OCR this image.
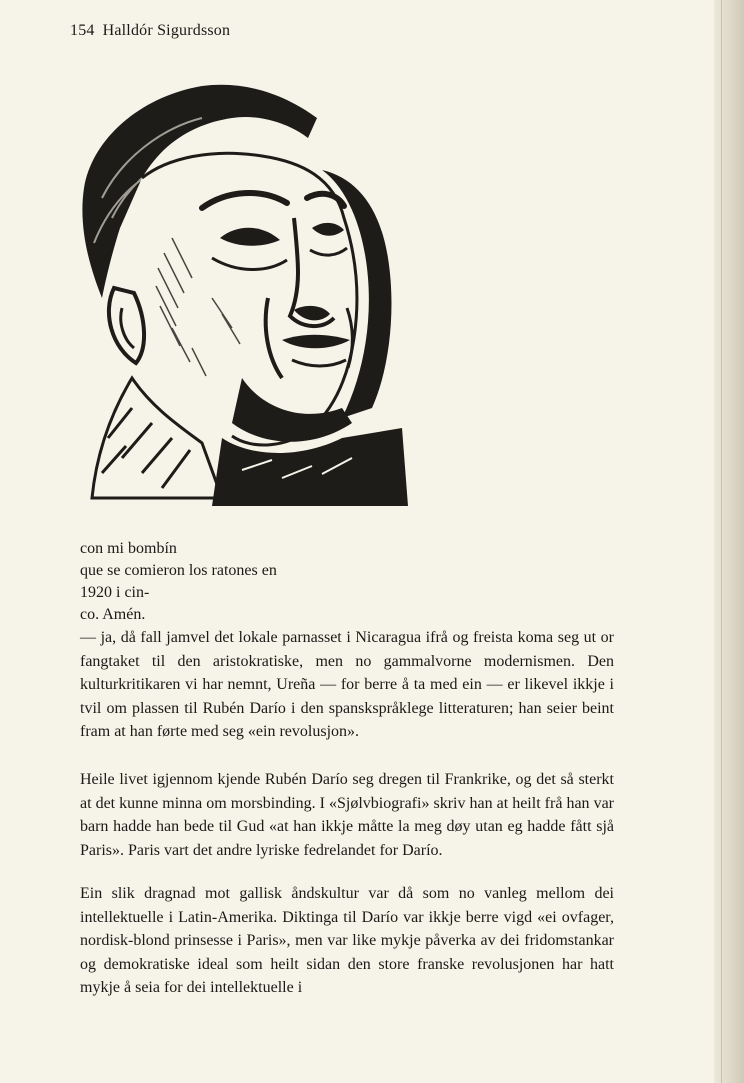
154 Halldór Sigurdsson
con mi bombín
que se comieron los ratones en
1920 i cin-
co. Amén.

— ja, då fall jamvel det lokale parnasset i Nicaragua ifrå og freista koma seg ut or fangtaket til den aristokratiske, men no gammalvorne modernismen. Den kulturkritikaren vi har nemnt, Ureña — for berre å ta med ein — er likevel ikkje i tvil om plassen til Rubén Darío i den spanskspråklege litteraturen; han seier beint fram at han førte med seg «ein revolusjon».

Heile livet igjennom kjende Rubén Darío seg dregen til Frankrike, og det så sterkt at det kunne minna om morsbinding. I «Sjølvbiografi» skriv han at heilt frå han var barn hadde han bede til Gud «at han ikkje måtte la meg døy utan eg hadde fått sjå Paris». Paris vart det andre lyriske fedrelandet for Darío.

Ein slik dragnad mot gallisk åndskultur var då som no vanleg mellom dei intellektuelle i Latin-Amerika. Diktinga til Darío var ikkje berre vigd «ei ovfager, nordisk-blond prinsesse i Paris», men var like mykje påverka av dei fridomstankar og demokratiske ideal som heilt sidan den store franske revolusjonen har hatt mykje å seia for dei intellektuelle i
